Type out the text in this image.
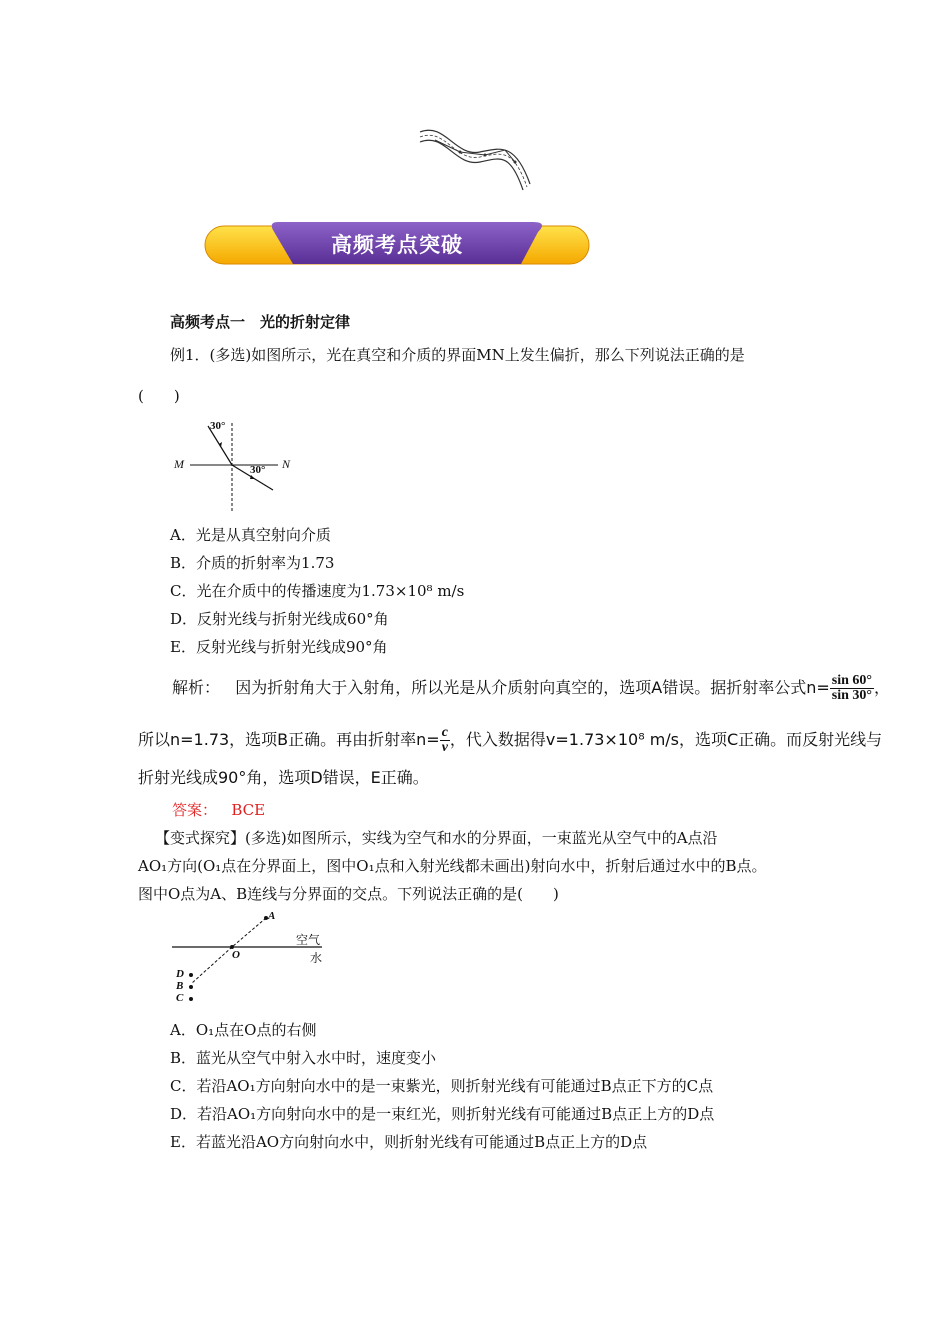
高频考点突破
高频考点一　光的折射定律
例1．(多选)如图所示，光在真空和介质的界面MN上发生偏折，那么下列说法正确的是
(　　)
30°
M	N
30°
A．光是从真空射向介质
B．介质的折射率为1.73
C．光在介质中的传播速度为1.73×10⁸ m/s
D．反射光线与折射光线成60°角
E．反射光线与折射光线成90°角
解析： 因为折射角大于入射角，所以光是从介质射向真空的，选项A错误。据折射率公式$n= \frac{\sin 60^\circ}{\sin 30^\circ}$ ，
所以n=1.73，选项B正确。再由折射率$n= \frac{c}{v}$ ，代入数据得v=1.73×10⁸ m/s，选项C正确。而反射光线与
折射光线成90°角，选项D错误，E正确。
答案： BCE
【变式探究】(多选)如图所示，实线为空气和水的分界面，一束蓝光从空气中的A点沿
AO₁方向(O₁点在分界面上，图中O₁点和入射光线都未画出)射向水中，折射后通过水中的B点。
图中O点为A、B连线与分界面的交点。下列说法正确的是(　　)
A
O
空气
水
D
B
C
A．O₁点在O点的右侧
B．蓝光从空气中射入水中时，速度变小
C．若沿AO₁方向射向水中的是一束紫光，则折射光线有可能通过B点正下方的C点
D．若沿AO₁方向射向水中的是一束红光，则折射光线有可能通过B点正上方的D点
E．若蓝光沿AO方向射向水中，则折射光线有可能通过B点正上方的D点
